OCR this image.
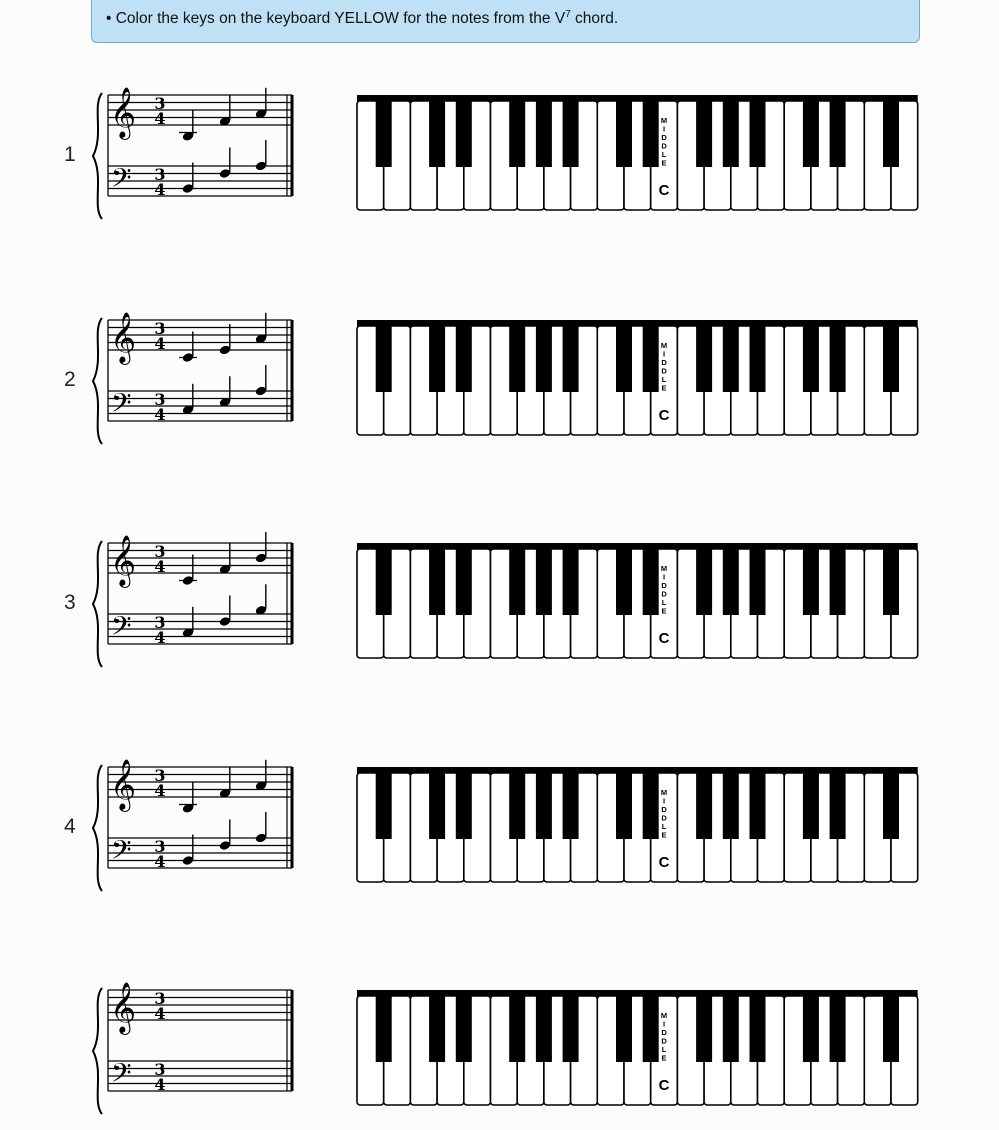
• Color the keys on the keyboard YELLOW for the notes from the $V^7$ chord.
1
𝄞
𝄢
3
4
3
4
M
I
D
D
L
E
C
2
𝄞
𝄢
3
4
3
4
M
I
D
D
L
E
C
3
𝄞
𝄢
3
4
3
4
M
I
D
D
L
E
C
4
𝄞
𝄢
3
4
3
4
M
I
D
D
L
E
C
𝄞
𝄢
3
4
3
4
M
I
D
D
L
E
C
